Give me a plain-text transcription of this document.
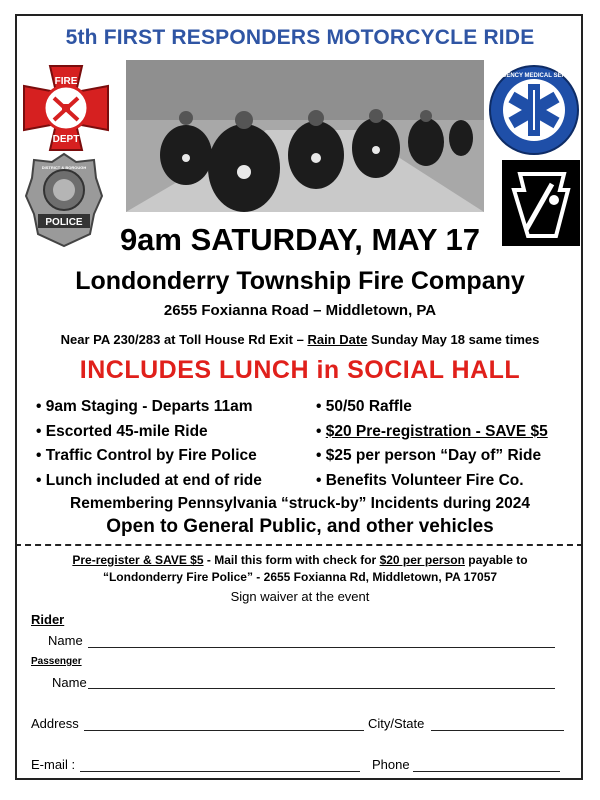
5th FIRST RESPONDERS MOTORCYCLE RIDE
FIRE
DEPT
DISTRICT & BOROUGH
POLICE
EMERGENCY MEDICAL SERVICES
9am SATURDAY, MAY 17
Londonderry Township Fire Company
2655 Foxianna Road – Middletown, PA
Near PA 230/283 at Toll House Rd Exit – Rain Date Sunday May 18 same times
INCLUDES LUNCH in SOCIAL HALL
• 9am Staging - Departs 11am
• Escorted 45-mile Ride
• Traffic Control by Fire Police
• Lunch included at end of ride
• 50/50 Raffle
• $20 Pre-registration - SAVE $5
• $25 per person “Day of” Ride
• Benefits Volunteer Fire Co.
Remembering Pennsylvania “struck-by” Incidents during 2024
Open to General Public, and other vehicles
Pre-register & SAVE $5 - Mail this form with check for $20 per person payable to
“Londonderry Fire Police” - 2655 Foxianna Rd, Middletown, PA 17057
Sign waiver at the event
Rider
Name
Passenger
Name
Address	City/State
E-mail :	Phone
